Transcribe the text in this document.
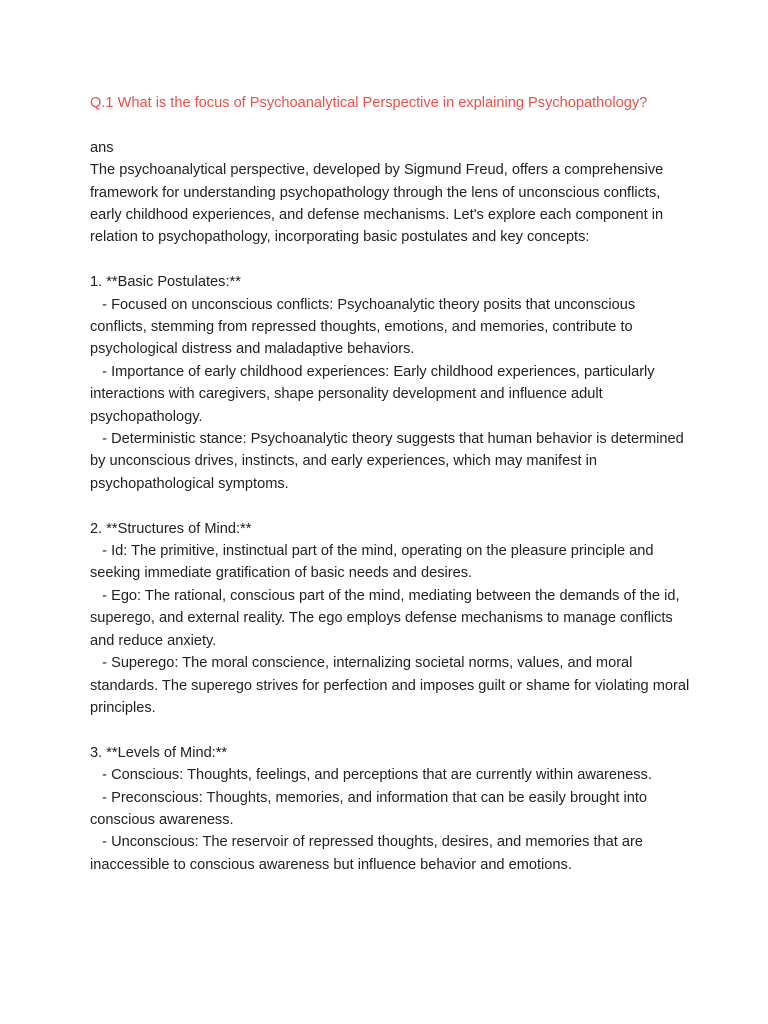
Q.1 What is the focus of Psychoanalytical Perspective in explaining Psychopathology?

ans

The psychoanalytical perspective, developed by Sigmund Freud, offers a comprehensive framework for understanding psychopathology through the lens of unconscious conflicts, early childhood experiences, and defense mechanisms. Let's explore each component in relation to psychopathology, incorporating basic postulates and key concepts:

1. **Basic Postulates:**

- Focused on unconscious conflicts: Psychoanalytic theory posits that unconscious conflicts, stemming from repressed thoughts, emotions, and memories, contribute to psychological distress and maladaptive behaviors.

- Importance of early childhood experiences: Early childhood experiences, particularly interactions with caregivers, shape personality development and influence adult psychopathology.

- Deterministic stance: Psychoanalytic theory suggests that human behavior is determined by unconscious drives, instincts, and early experiences, which may manifest in psychopathological symptoms.

2. **Structures of Mind:**

- Id: The primitive, instinctual part of the mind, operating on the pleasure principle and seeking immediate gratification of basic needs and desires.

- Ego: The rational, conscious part of the mind, mediating between the demands of the id, superego, and external reality. The ego employs defense mechanisms to manage conflicts and reduce anxiety.

- Superego: The moral conscience, internalizing societal norms, values, and moral standards. The superego strives for perfection and imposes guilt or shame for violating moral principles.

3. **Levels of Mind:**

- Conscious: Thoughts, feelings, and perceptions that are currently within awareness.

- Preconscious: Thoughts, memories, and information that can be easily brought into conscious awareness.

- Unconscious: The reservoir of repressed thoughts, desires, and memories that are inaccessible to conscious awareness but influence behavior and emotions.
